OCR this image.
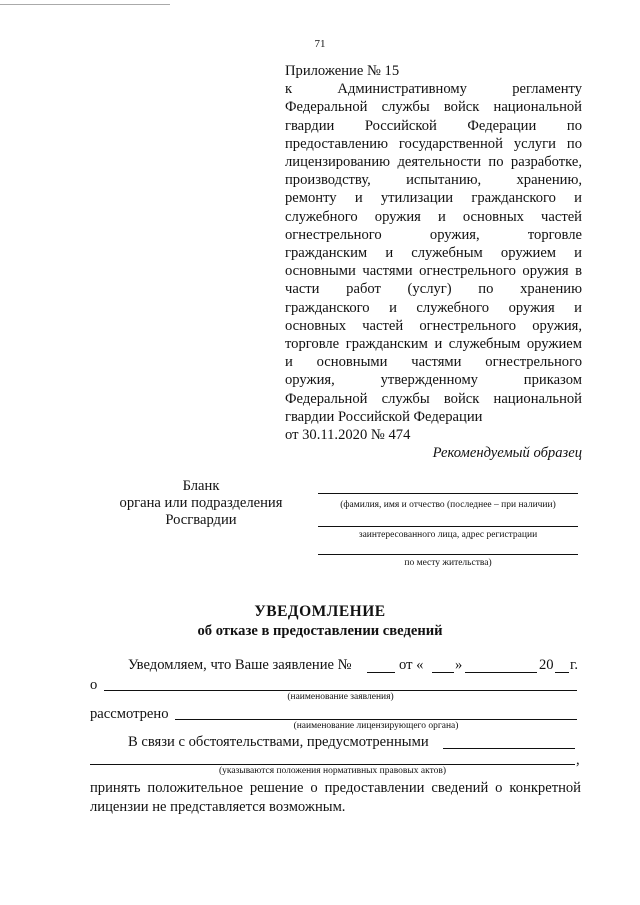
71
Приложение № 15
к Административному регламенту
Федеральной службы войск национальной
гвардии Российской Федерации по
предоставлению государственной услуги по
лицензированию деятельности по разработке,
производству, испытанию, хранению,
ремонту и утилизации гражданского и
служебного оружия и основных частей
огнестрельного оружия, торговле
гражданским и служебным оружием и
основными частями огнестрельного оружия в
части работ (услуг) по хранению
гражданского и служебного оружия и
основных частей огнестрельного оружия,
торговле гражданским и служебным оружием
и основными частями огнестрельного
оружия, утвержденному приказом
Федеральной службы войск национальной
гвардии Российской Федерации
от 30.11.2020 № 474
Рекомендуемый образец
Бланк
органа или подразделения
Росгвардии
(фамилия, имя и отчество (последнее – при наличии)
заинтересованного лица, адрес регистрации
по месту жительства)
УВЕДОМЛЕНИЕ
об отказе в предоставлении сведений
Уведомляем, что Ваше заявление №	от « »	20 г.
о
(наименование заявления)
рассмотрено
(наименование лицензирующего органа)
В связи с обстоятельствами, предусмотренными
,
(указываются положения нормативных правовых актов)
принять положительное решение о предоставлении сведений о конкретной лицензии не представляется возможным.
